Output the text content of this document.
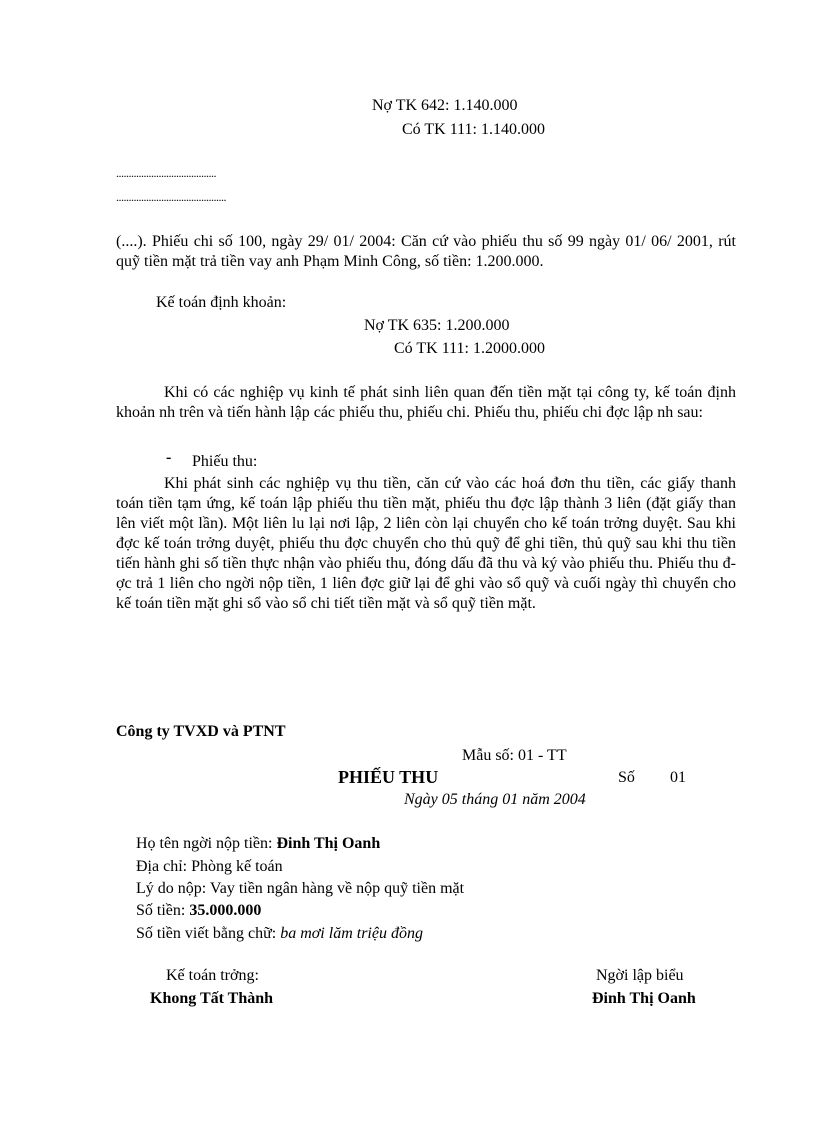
Nợ TK 642: 1.140.000
Có TK 111: 1.140.000
........................................
............................................

(....). Phiếu chi số 100, ngày 29/ 01/ 2004: Căn cứ vào phiếu thu số 99 ngày 01/ 06/ 2001, rút quỹ tiền mặt trả tiền vay anh Phạm Minh Công, số tiền: 1.200.000.

Kế toán định khoản:
Nợ TK 635: 1.200.000
Có TK 111: 1.2000.000

Khi có các nghiệp vụ kinh tế phát sinh liên quan đến tiền mặt tại công ty, kế toán định khoản nh trên và tiến hành lập các phiếu thu, phiếu chi. Phiếu thu, phiếu chi đợc lập nh sau:

- Phiếu thu:

Khi phát sinh các nghiệp vụ thu tiền, căn cứ vào các hoá đơn thu tiền, các giấy thanh toán tiền tạm ứng, kế toán lập phiếu thu tiền mặt, phiếu thu đợc lập thành 3 liên (đặt giấy than lên viết một lần). Một liên lu lại nơi lập, 2 liên còn lại chuyển cho kế toán trởng duyệt. Sau khi đợc kế toán trởng duyệt, phiếu thu đợc chuyển cho thủ quỹ để ghi tiền, thủ quỹ sau khi thu tiền tiến hành ghi số tiền thực nhận vào phiếu thu, đóng dấu đã thu và ký vào phiếu thu. Phiếu thu đợc trả 1 liên cho ngời nộp tiền, 1 liên đợc giữ lại để ghi vào sổ quỹ và cuối ngày thì chuyển cho kế toán tiền mặt ghi sổ vào sổ chi tiết tiền mặt và sổ quỹ tiền mặt.

Công ty TVXD và PTNT
Mẫu số: 01 - TT
PHIẾU THU	Số 01
Ngày 05 tháng 01 năm 2004
Họ tên ngời nộp tiền: Đinh Thị Oanh
Địa chỉ: Phòng kế toán
Lý do nộp: Vay tiền ngân hàng về nộp quỹ tiền mặt
Số tiền: 35.000.000
Số tiền viết bằng chữ: ba mơi lăm triệu đồng
Kế toán trởng:
Khong Tất Thành
Ngời lập biểu
Đinh Thị Oanh
